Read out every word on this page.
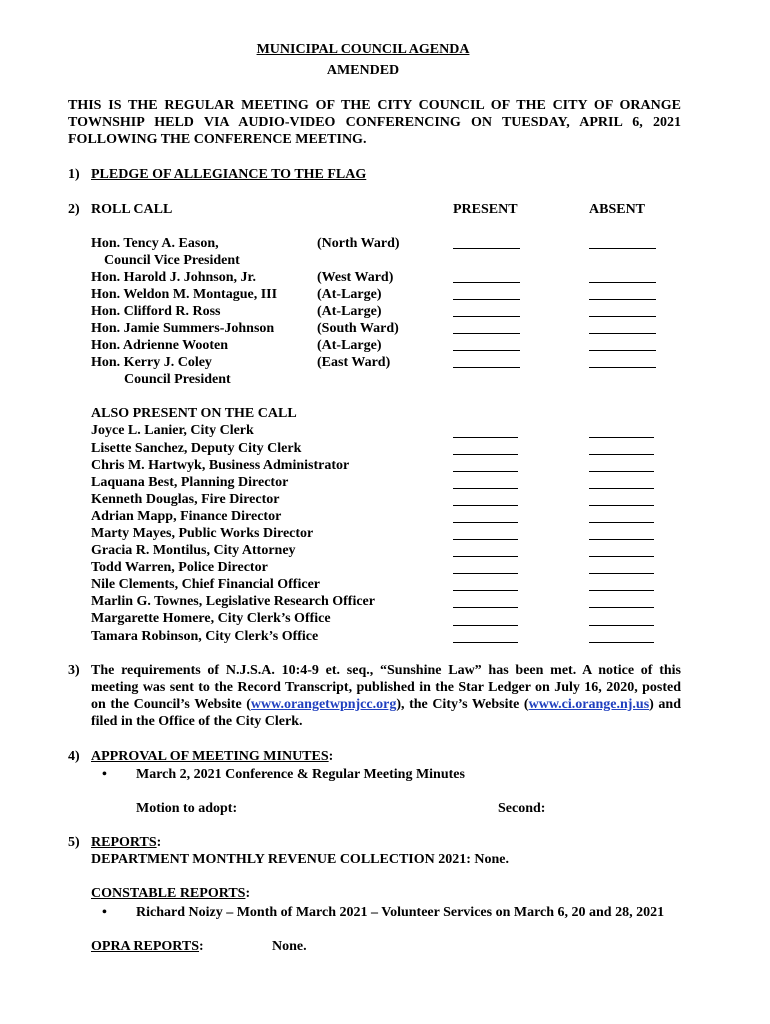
MUNICIPAL COUNCIL AGENDA
AMENDED
THIS IS THE REGULAR MEETING OF THE CITY COUNCIL OF THE CITY OF ORANGE TOWNSHIP HELD VIA AUDIO-VIDEO CONFERENCING ON TUESDAY, APRIL 6, 2021 FOLLOWING THE CONFERENCE MEETING.
1) PLEDGE OF ALLEGIANCE TO THE FLAG
2) ROLL CALL	PRESENT	ABSENT
Hon. Tency A. Eason,	(North Ward)
Council Vice President
Hon. Harold J. Johnson, Jr.	(West Ward)
Hon. Weldon M. Montague, III	(At-Large)
Hon. Clifford R. Ross	(At-Large)
Hon. Jamie Summers-Johnson	(South Ward)
Hon. Adrienne Wooten	(At-Large)
Hon. Kerry J. Coley	(East Ward)
Council President
ALSO PRESENT ON THE CALL
Joyce L. Lanier, City Clerk
Lisette Sanchez, Deputy City Clerk
Chris M. Hartwyk, Business Administrator
Laquana Best, Planning Director
Kenneth Douglas, Fire Director
Adrian Mapp, Finance Director
Marty Mayes, Public Works Director
Gracia R. Montilus, City Attorney
Todd Warren, Police Director
Nile Clements, Chief Financial Officer
Marlin G. Townes, Legislative Research Officer
Margarette Homere, City Clerk’s Office
Tamara Robinson, City Clerk’s Office
3) The requirements of N.J.S.A. 10:4-9 et. seq., “Sunshine Law” has been met. A notice of this meeting was sent to the Record Transcript, published in the Star Ledger on July 16, 2020, posted on the Council’s Website (www.orangetwpnjcc.org), the City’s Website (www.ci.orange.nj.us) and filed in the Office of the City Clerk.
4) APPROVAL OF MEETING MINUTES:
• March 2, 2021 Conference & Regular Meeting Minutes
Motion to adopt:	Second:
5) REPORTS:
DEPARTMENT MONTHLY REVENUE COLLECTION 2021: None.
CONSTABLE REPORTS:
• Richard Noizy – Month of March 2021 – Volunteer Services on March 6, 20 and 28, 2021
OPRA REPORTS:	None.
